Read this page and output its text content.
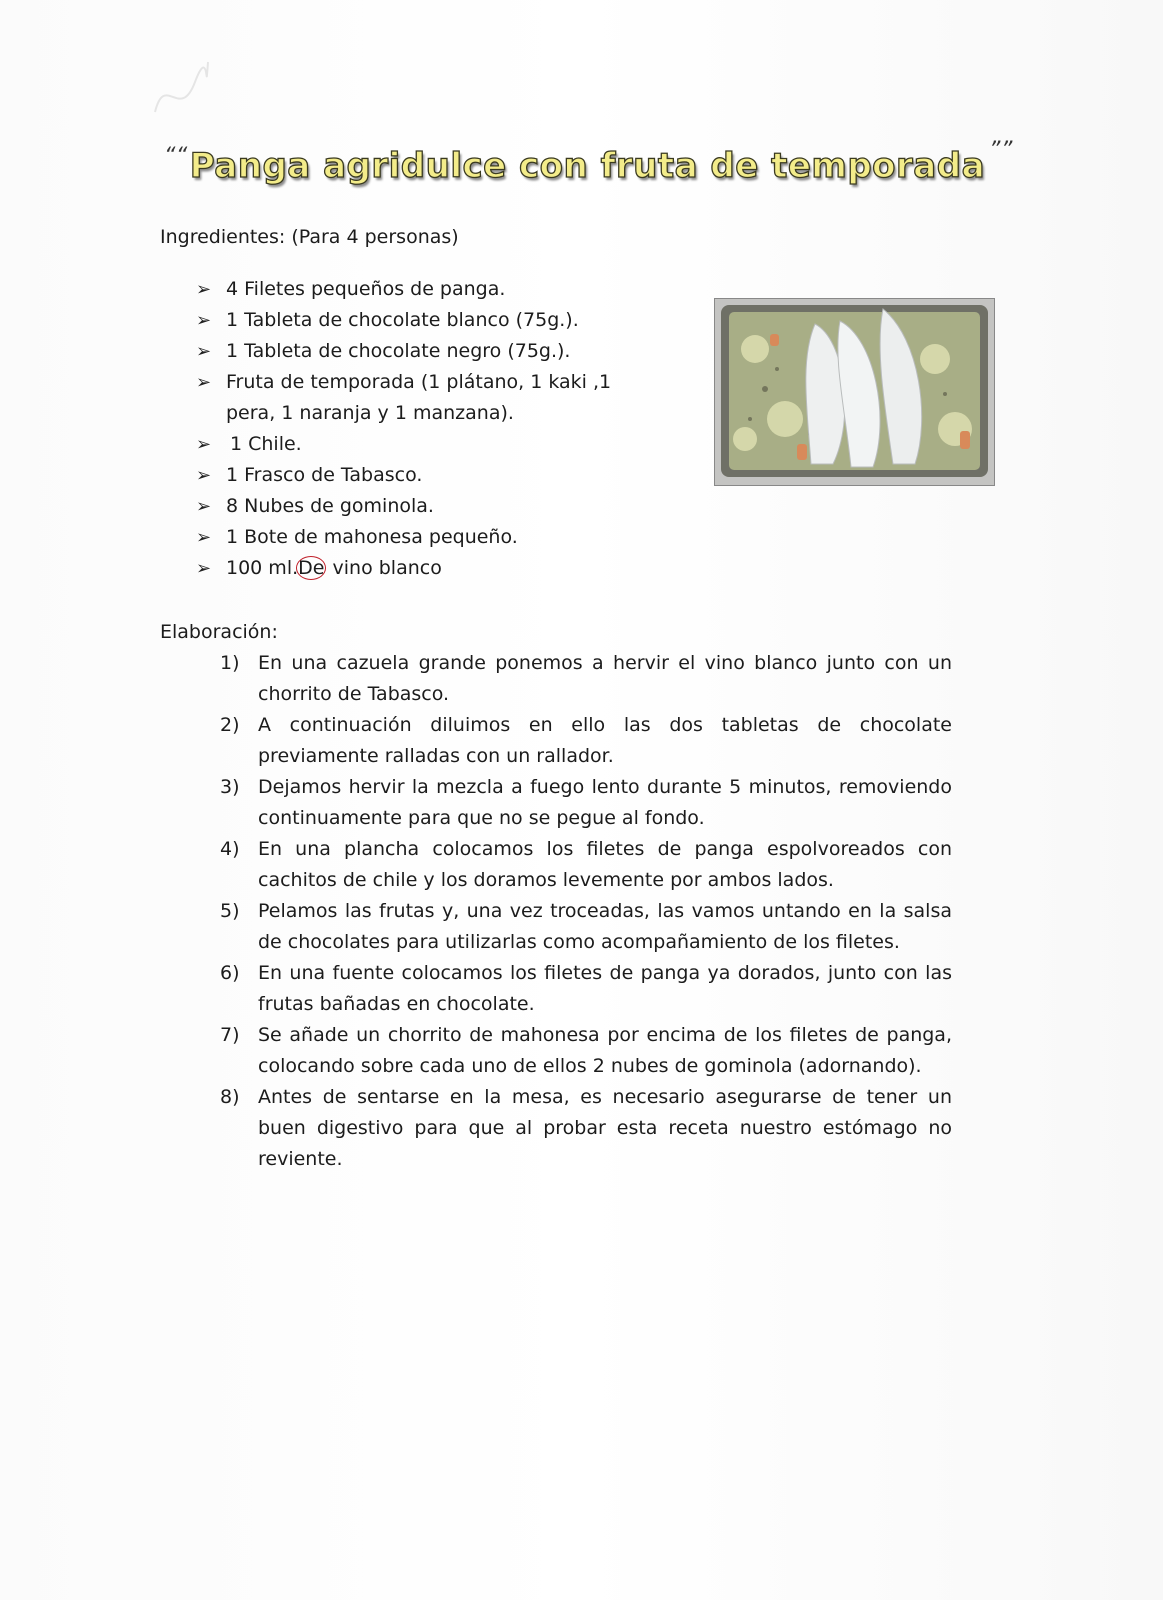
““Panga agridulce con fruta de temporada ””
Ingredientes: (Para 4 personas)
➢ 4 Filetes pequeños de panga.
➢ 1 Tableta de chocolate blanco (75g.).
➢ 1 Tableta de chocolate negro (75g.).
➢ Fruta de temporada (1 plátano, 1 kaki ,1 pera, 1 naranja y 1 manzana).
➢ 1 Chile.
➢ 1 Frasco de Tabasco.
➢ 8 Nubes de gominola.
➢ 1 Bote de mahonesa pequeño.
➢ 100 ml.De vino blanco
Elaboración:
1) En una cazuela grande ponemos a hervir el vino blanco junto con un chorrito de Tabasco.
2) A continuación diluimos en ello las dos tabletas de chocolate previamente ralladas con un rallador.
3) Dejamos hervir la mezcla a fuego lento durante 5 minutos, removiendo continuamente para que no se pegue al fondo.
4) En una plancha colocamos los filetes de panga espolvoreados con cachitos de chile y los doramos levemente por ambos lados.
5) Pelamos las frutas y, una vez troceadas, las vamos untando en la salsa de chocolates para utilizarlas como acompañamiento de los filetes.
6) En una fuente colocamos los filetes de panga ya dorados, junto con las frutas bañadas en chocolate.
7) Se añade un chorrito de mahonesa por encima de los filetes de panga, colocando sobre cada uno de ellos 2 nubes de gominola (adornando).
8) Antes de sentarse en la mesa, es necesario asegurarse de tener un buen digestivo para que al probar esta receta nuestro estómago no reviente.
